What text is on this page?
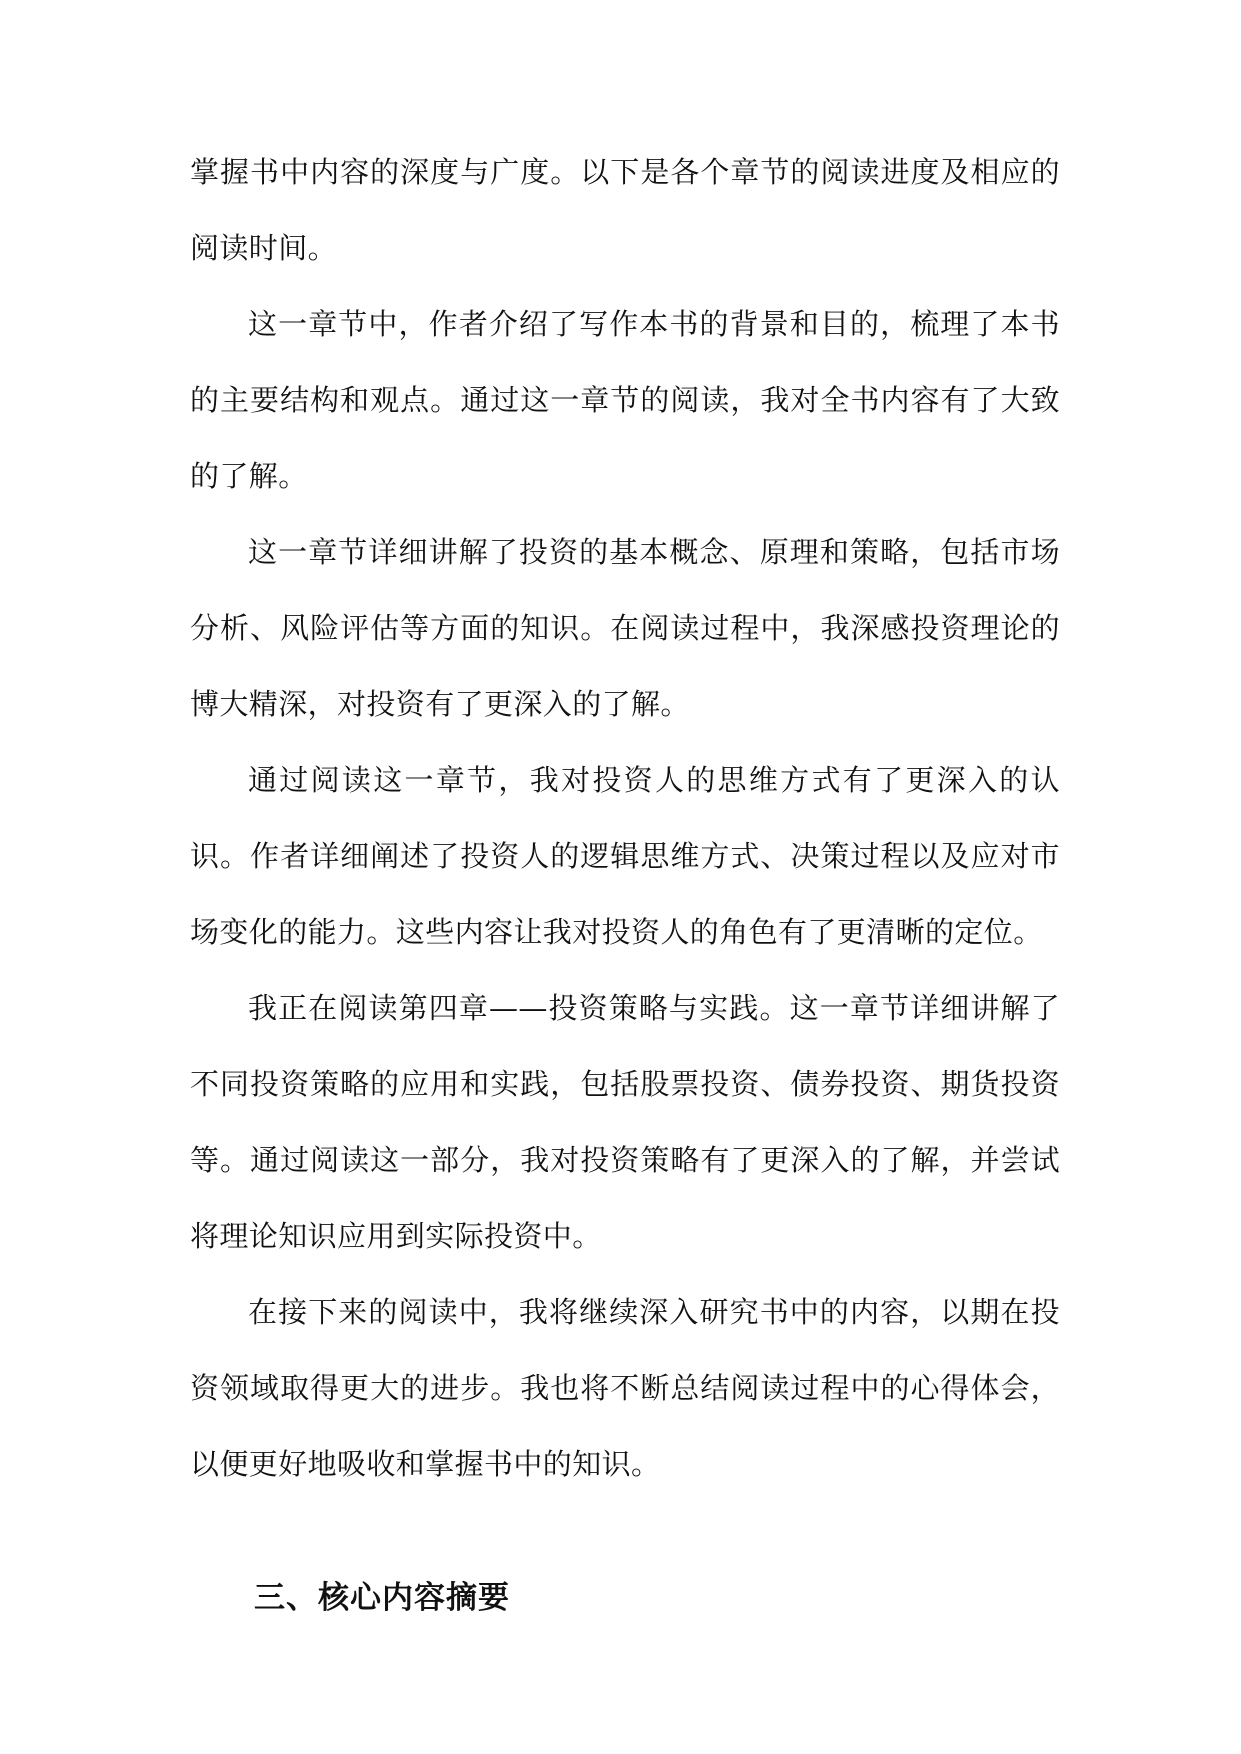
掌握书中内容的深度与广度。以下是各个章节的阅读进度及相应的阅读时间。

这一章节中，作者介绍了写作本书的背景和目的，梳理了本书的主要结构和观点。通过这一章节的阅读，我对全书内容有了大致的了解。

这一章节详细讲解了投资的基本概念、原理和策略，包括市场分析、风险评估等方面的知识。在阅读过程中，我深感投资理论的博大精深，对投资有了更深入的了解。

通过阅读这一章节，我对投资人的思维方式有了更深入的认识。作者详细阐述了投资人的逻辑思维方式、决策过程以及应对市场变化的能力。这些内容让我对投资人的角色有了更清晰的定位。

我正在阅读第四章——投资策略与实践。这一章节详细讲解了不同投资策略的应用和实践，包括股票投资、债券投资、期货投资等。通过阅读这一部分，我对投资策略有了更深入的了解，并尝试将理论知识应用到实际投资中。

在接下来的阅读中，我将继续深入研究书中的内容，以期在投资领域取得更大的进步。我也将不断总结阅读过程中的心得体会，以便更好地吸收和掌握书中的知识。

三、核心内容摘要
